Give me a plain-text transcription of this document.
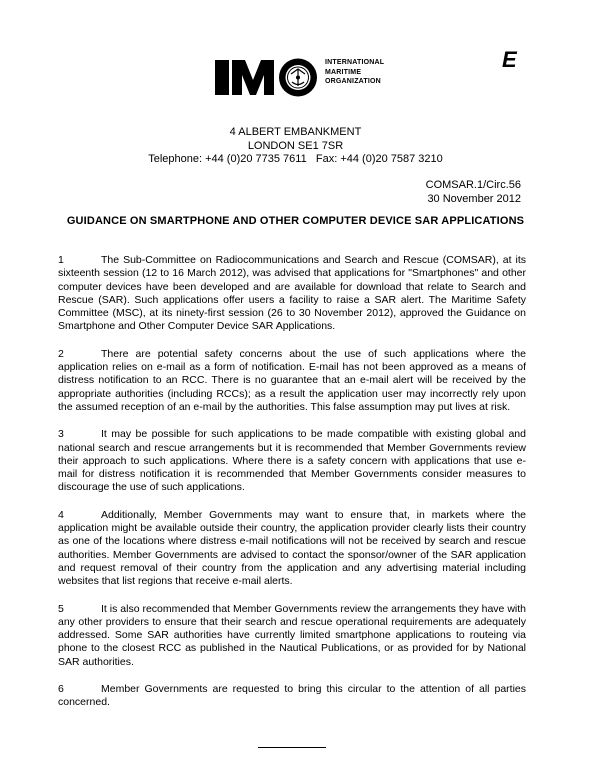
INTERNATIONAL
MARITIME
ORGANIZATION
E
4 ALBERT EMBANKMENT
LONDON SE1 7SR
Telephone: +44 (0)20 7735 7611   Fax: +44 (0)20 7587 3210
COMSAR.1/Circ.56
30 November 2012
GUIDANCE ON SMARTPHONE AND OTHER COMPUTER DEVICE SAR APPLICATIONS

1	The Sub-Committee on Radiocommunications and Search and Rescue (COMSAR), at its sixteenth session (12 to 16 March 2012), was advised that applications for "Smartphones" and other computer devices have been developed and are available for download that relate to Search and Rescue (SAR). Such applications offer users a facility to raise a SAR alert. The Maritime Safety Committee (MSC), at its ninety-first session (26 to 30 November 2012), approved the Guidance on Smartphone and Other Computer Device SAR Applications.

2	There are potential safety concerns about the use of such applications where the application relies on e-mail as a form of notification. E-mail has not been approved as a means of distress notification to an RCC. There is no guarantee that an e-mail alert will be received by the appropriate authorities (including RCCs); as a result the application user may incorrectly rely upon the assumed reception of an e-mail by the authorities. This false assumption may put lives at risk.

3	It may be possible for such applications to be made compatible with existing global and national search and rescue arrangements but it is recommended that Member Governments review their approach to such applications. Where there is a safety concern with applications that use e-mail for distress notification it is recommended that Member Governments consider measures to discourage the use of such applications.

4	Additionally, Member Governments may want to ensure that, in markets where the application might be available outside their country, the application provider clearly lists their country as one of the locations where distress e-mail notifications will not be received by search and rescue authorities. Member Governments are advised to contact the sponsor/owner of the SAR application and request removal of their country from the application and any advertising material including websites that list regions that receive e-mail alerts.

5	It is also recommended that Member Governments review the arrangements they have with any other providers to ensure that their search and rescue operational requirements are adequately addressed. Some SAR authorities have currently limited smartphone applications to routeing via phone to the closest RCC as published in the Nautical Publications, or as provided for by National SAR authorities.

6	Member Governments are requested to bring this circular to the attention of all parties concerned.
